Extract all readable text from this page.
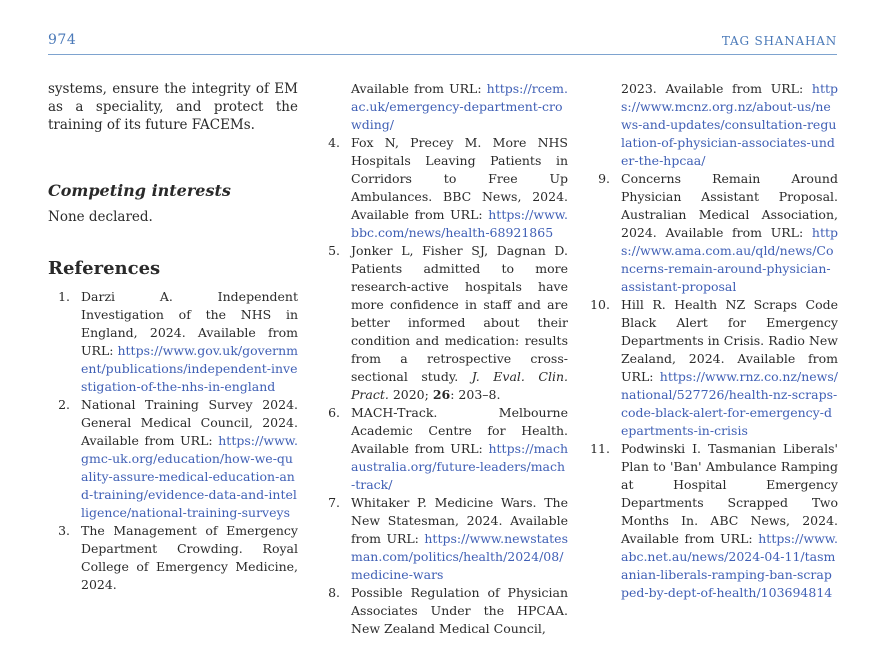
974	TAG SHANAHAN

systems, ensure the integrity of EM as a speciality, and protect the training of its future FACEMs.

Competing interests

None declared.

References
1. Darzi A. Independent Investigation of the NHS in England, 2024. Available from URL: https://www.gov.uk/government/publications/independent-investigation-of-the-nhs-in-england
2. National Training Survey 2024. General Medical Council, 2024. Available from URL: https://www.gmc-uk.org/education/how-we-quality-assure-medical-education-and-training/evidence-data-and-intelligence/national-training-surveys
3. The Management of Emergency Department Crowding. Royal College of Emergency Medicine, 2024.

Available from URL: https://rcem.ac.uk/emergency-department-crowding/

4. Fox N, Precey M. More NHS Hospitals Leaving Patients in Corridors to Free Up Ambulances. BBC News, 2024. Available from URL: https://www.bbc.com/news/health-68921865
5. Jonker L, Fisher SJ, Dagnan D. Patients admitted to more research-active hospitals have more confidence in staff and are better informed about their condition and medication: results from a retrospective cross-sectional study. J. Eval. Clin. Pract. 2020; 26: 203–8.
6. MACH-Track. Melbourne Academic Centre for Health. Available from URL: https://machaustralia.org/future-leaders/mach-track/
7. Whitaker P. Medicine Wars. The New Statesman, 2024. Available from URL: https://www.newstatesman.com/politics/health/2024/08/medicine-wars
8. Possible Regulation of Physician Associates Under the HPCAA. New Zealand Medical Council,

2023. Available from URL: https://www.mcnz.org.nz/about-us/news-and-updates/consultation-regulation-of-physician-associates-under-the-hpcaa/

9. Concerns Remain Around Physician Assistant Proposal. Australian Medical Association, 2024. Available from URL: https://www.ama.com.au/qld/news/Concerns-remain-around-physician-assistant-proposal
10. Hill R. Health NZ Scraps Code Black Alert for Emergency Departments in Crisis. Radio New Zealand, 2024. Available from URL: https://www.rnz.co.nz/news/national/527726/health-nz-scraps-code-black-alert-for-emergency-departments-in-crisis
11. Podwinski I. Tasmanian Liberals' Plan to 'Ban' Ambulance Ramping at Hospital Emergency Departments Scrapped Two Months In. ABC News, 2024. Available from URL: https://www.abc.net.au/news/2024-04-11/tasmanian-liberals-ramping-ban-scrapped-by-dept-of-health/103694814
